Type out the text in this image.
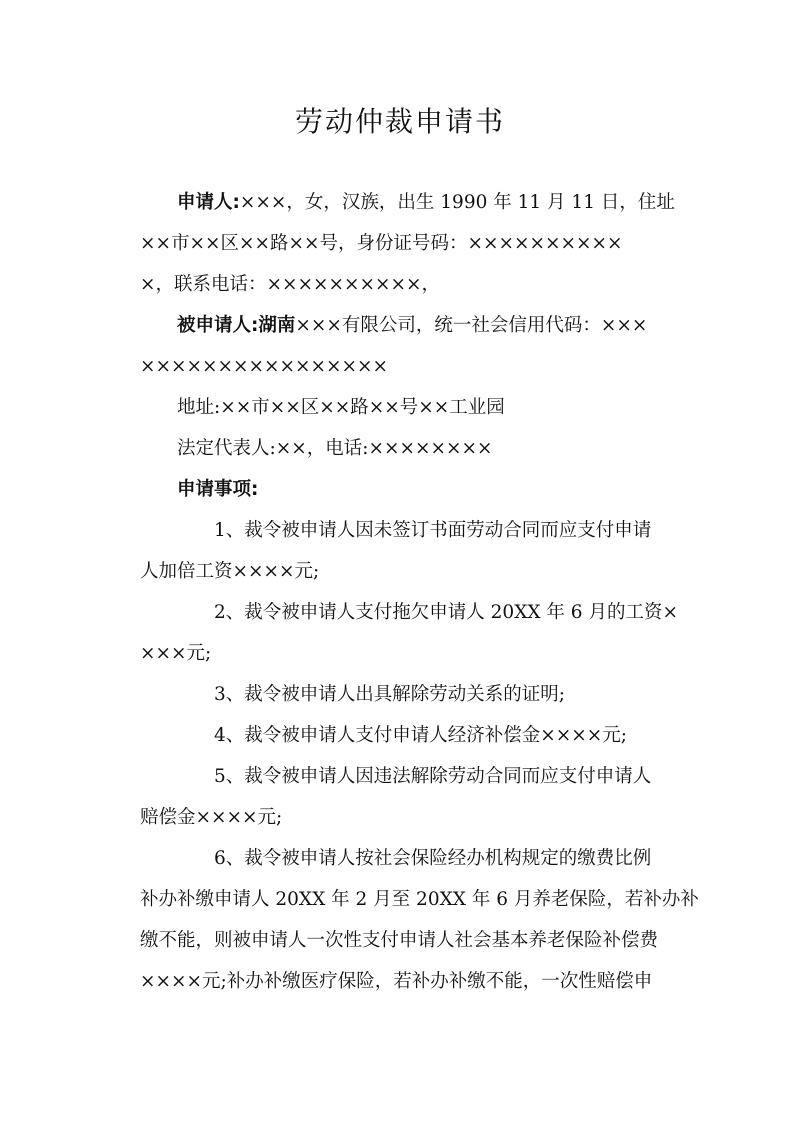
劳动仲裁申请书

申请人:×××，女，汉族，出生 1990 年 11 月 11 日，住址
××市××区××路××号，身份证号码：××××××××××
×，联系电话：××××××××××，

被申请人:湖南×××有限公司，统一社会信用代码：×××
××××××××××××××××

地址:××市××区××路××号××工业园

法定代表人:××，电话:××××××××

申请事项:

1、裁令被申请人因未签订书面劳动合同而应支付申请
人加倍工资××××元;

2、裁令被申请人支付拖欠申请人 20XX 年 6 月的工资×
×××元;

3、裁令被申请人出具解除劳动关系的证明;

4、裁令被申请人支付申请人经济补偿金××××元;

5、裁令被申请人因违法解除劳动合同而应支付申请人
赔偿金××××元;

6、裁令被申请人按社会保险经办机构规定的缴费比例
补办补缴申请人 20XX 年 2 月至 20XX 年 6 月养老保险，若补办补
缴不能，则被申请人一次性支付申请人社会基本养老保险补偿费
××××元;补办补缴医疗保险，若补办补缴不能，一次性赔偿申
